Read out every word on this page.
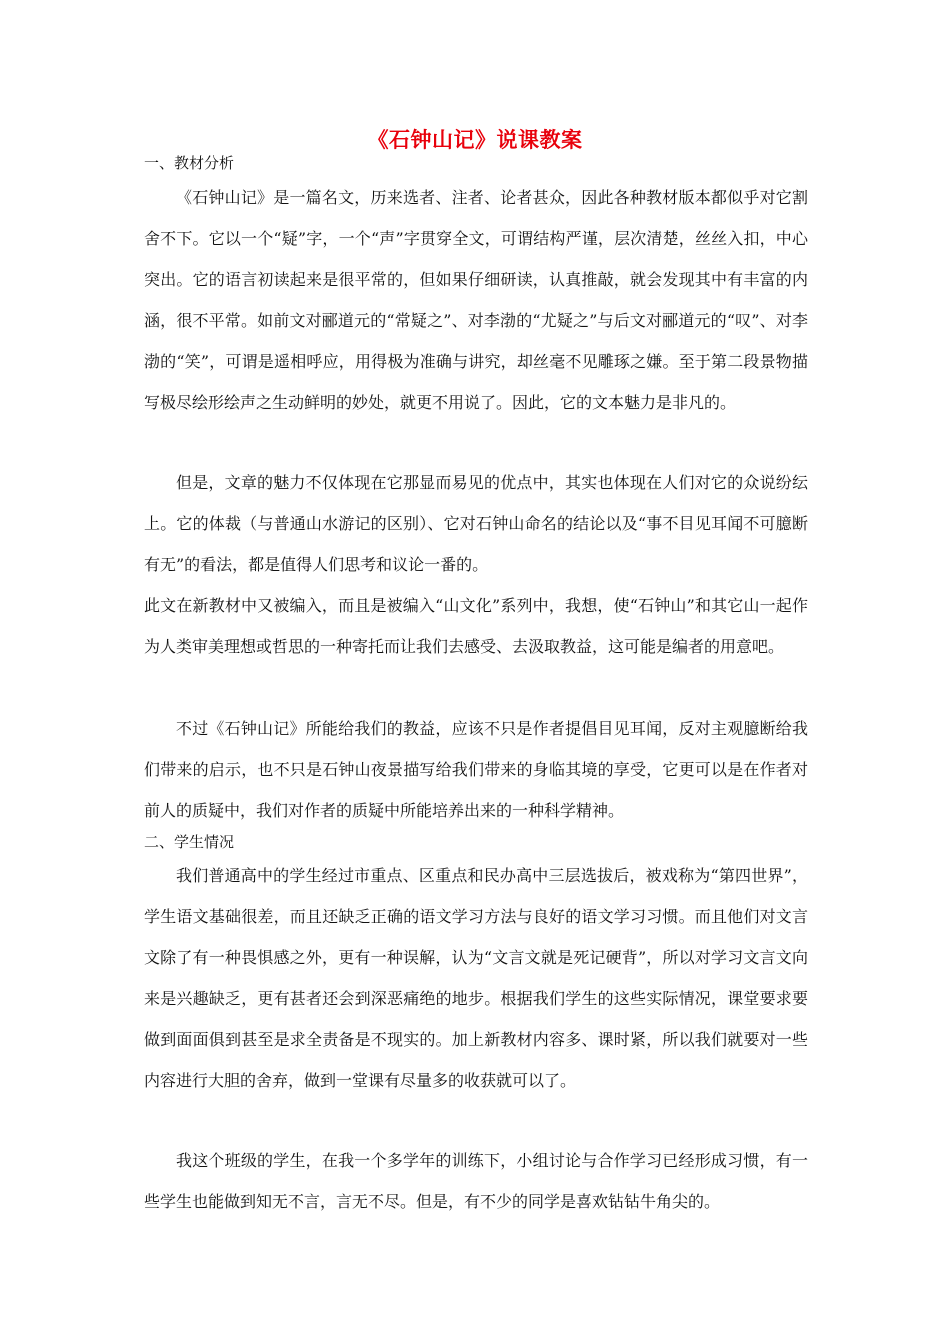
《石钟山记》说课教案
一、教材分析

《石钟山记》是一篇名文，历来选者、注者、论者甚众，因此各种教材版本都似乎对它割舍不下。它以一个“疑”字，一个“声”字贯穿全文，可谓结构严谨，层次清楚，丝丝入扣，中心突出。它的语言初读起来是很平常的，但如果仔细研读，认真推敲，就会发现其中有丰富的内涵，很不平常。如前文对郦道元的“常疑之”、对李渤的“尤疑之”与后文对郦道元的“叹”、对李渤的“笑”，可谓是遥相呼应，用得极为准确与讲究，却丝毫不见雕琢之嫌。至于第二段景物描写极尽绘形绘声之生动鲜明的妙处，就更不用说了。因此，它的文本魅力是非凡的。

但是，文章的魅力不仅体现在它那显而易见的优点中，其实也体现在人们对它的众说纷纭上。它的体裁（与普通山水游记的区别）、它对石钟山命名的结论以及“事不目见耳闻不可臆断有无”的看法，都是值得人们思考和议论一番的。

此文在新教材中又被编入，而且是被编入“山文化”系列中，我想，使“石钟山”和其它山一起作为人类审美理想或哲思的一种寄托而让我们去感受、去汲取教益，这可能是编者的用意吧。

不过《石钟山记》所能给我们的教益，应该不只是作者提倡目见耳闻，反对主观臆断给我们带来的启示，也不只是石钟山夜景描写给我们带来的身临其境的享受，它更可以是在作者对前人的质疑中，我们对作者的质疑中所能培养出来的一种科学精神。

二、学生情况

我们普通高中的学生经过市重点、区重点和民办高中三层选拔后，被戏称为“第四世界”，学生语文基础很差，而且还缺乏正确的语文学习方法与良好的语文学习习惯。而且他们对文言文除了有一种畏惧感之外，更有一种误解，认为“文言文就是死记硬背”，所以对学习文言文向来是兴趣缺乏，更有甚者还会到深恶痛绝的地步。根据我们学生的这些实际情况，课堂要求要做到面面俱到甚至是求全责备是不现实的。加上新教材内容多、课时紧，所以我们就要对一些内容进行大胆的舍弃，做到一堂课有尽量多的收获就可以了。

我这个班级的学生，在我一个多学年的训练下，小组讨论与合作学习已经形成习惯，有一些学生也能做到知无不言，言无不尽。但是，有不少的同学是喜欢钻钻牛角尖的。
